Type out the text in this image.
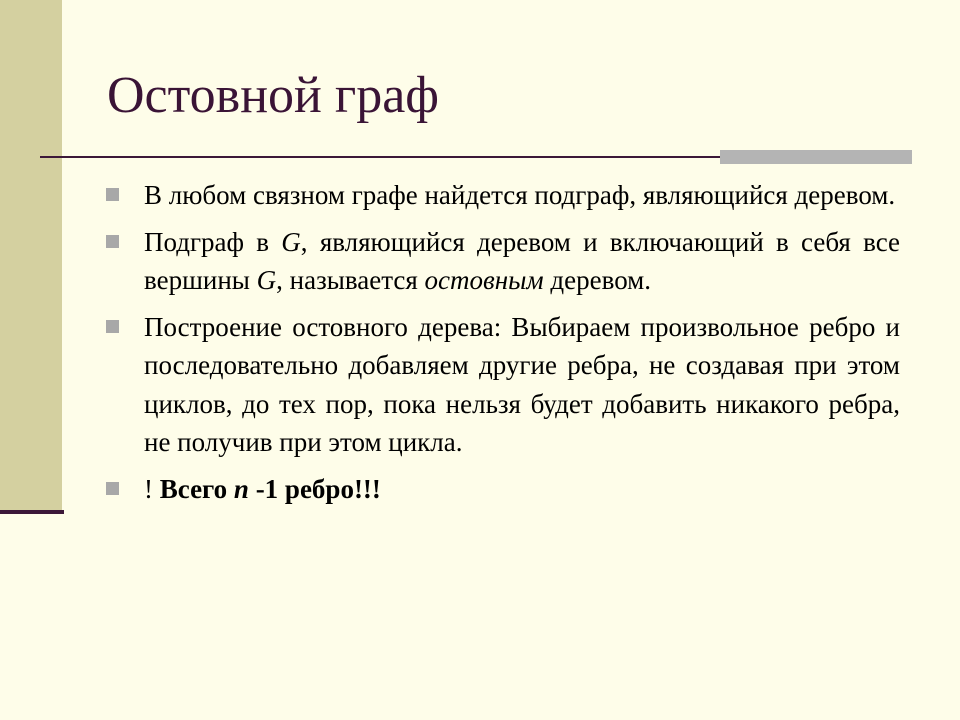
Остовной граф
В любом связном графе найдется подграф, являющийся деревом.
Подграф в G, являющийся деревом и включающий в себя все вершины G, называется остовным деревом.
Построение остовного дерева: Выбираем произвольное ребро и последовательно добавляем другие ребра, не создавая при этом циклов, до тех пор, пока нельзя будет добавить никакого ребра, не получив при этом цикла.
! Всего n -1 ребро!!!
